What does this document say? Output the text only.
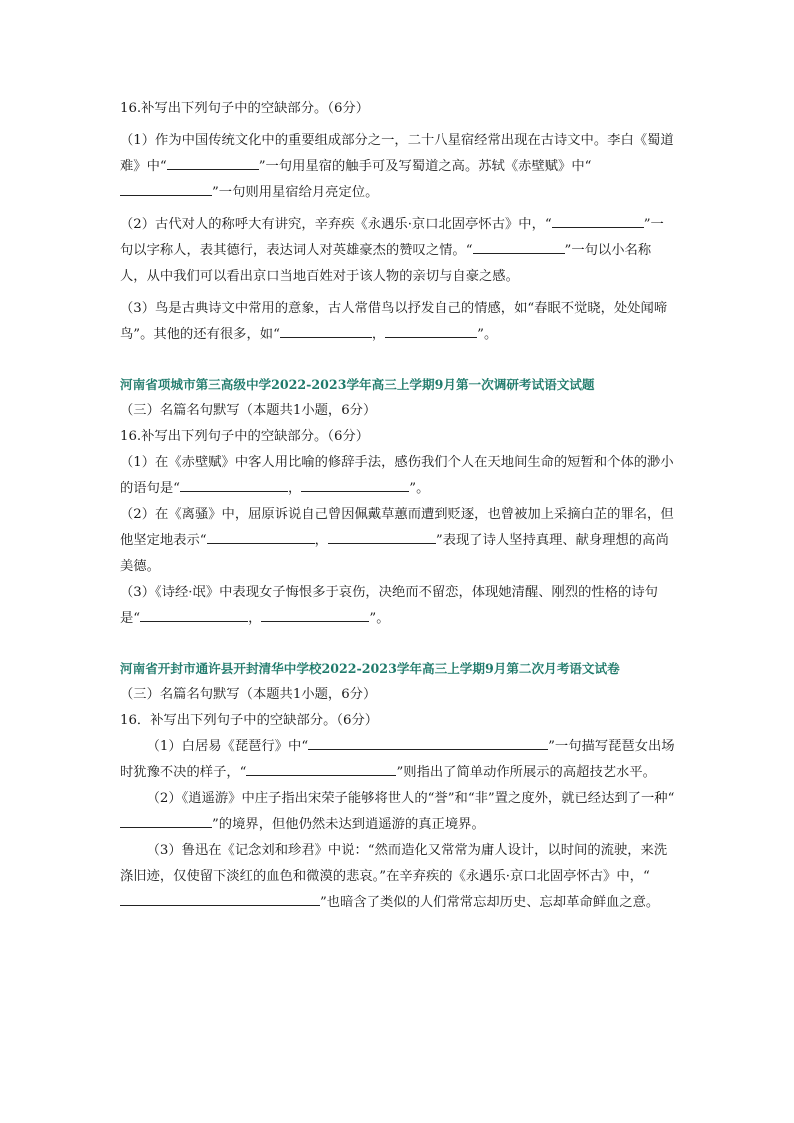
16.补写出下列句子中的空缺部分。（6分）

（1）作为中国传统文化中的重要组成部分之一，二十八星宿经常出现在古诗文中。李白《蜀道难》中“	”一句用星宿的触手可及写蜀道之高。苏轼《赤壁赋》中“”一句则用星宿给月亮定位。

（2）古代对人的称呼大有讲究，辛弃疾《永遇乐·京口北固亭怀古》中，“	”一句以字称人，表其德行，表达词人对英雄豪杰的赞叹之情。“	”一句以小名称人，从中我们可以看出京口当地百姓对于该人物的亲切与自豪之感。

（3）鸟是古典诗文中常用的意象，古人常借鸟以抒发自己的情感，如“春眠不觉晓，处处闻啼鸟”。其他的还有很多，如“	，	”。

河南省项城市第三高级中学2022-2023学年高三上学期9月第一次调研考试语文试题

（三）名篇名句默写（本题共1小题，6分）

16.补写出下列句子中的空缺部分。（6分）

（1）在《赤壁赋》中客人用比喻的修辞手法，感伤我们个人在天地间生命的短暂和个体的渺小的语句是“	，	”。

（2）在《离骚》中，屈原诉说自己曾因佩戴草蕙而遭到贬逐，也曾被加上采摘白芷的罪名，但他坚定地表示“	，	”表现了诗人坚持真理、献身理想的高尚美德。

（3）《诗经·氓》中表现女子悔恨多于哀伤，决绝而不留恋，体现她清醒、刚烈的性格的诗句是“	，	”。

河南省开封市通许县开封清华中学校2022-2023学年高三上学期9月第二次月考语文试卷

（三）名篇名句默写（本题共1小题，6分）

16．补写出下列句子中的空缺部分。（6分）

（1）白居易《琵琶行》中“	”一句描写琵琶女出场时犹豫不决的样子，“	”则指出了简单动作所展示的高超技艺水平。

（2）《逍遥游》中庄子指出宋荣子能够将世人的“誉”和“非”置之度外，就已经达到了一种“”的境界，但他仍然未达到逍遥游的真正境界。

（3）鲁迅在《记念刘和珍君》中说：“然而造化又常常为庸人设计，以时间的流驶，来洗涤旧迹，仅使留下淡红的血色和微漠的悲哀。”在辛弃疾的《永遇乐·京口北固亭怀古》中，“”也暗含了类似的人们常常忘却历史、忘却革命鲜血之意。
